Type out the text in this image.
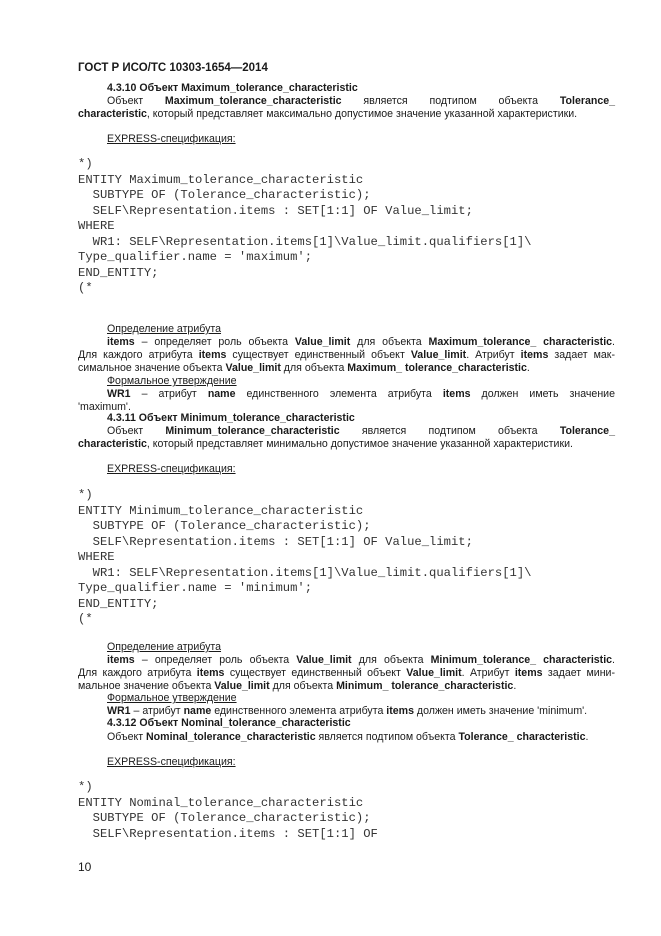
ГОСТ Р ИСО/ТС 10303-1654—2014
4.3.10 Объект Maximum_tolerance_characteristic
Объект Maximum_tolerance_characteristic является подтипом объекта Tolerance_
characteristic, который представляет максимально допустимое значение указанной характеристики.
EXPRESS-спецификация:
*)
ENTITY Maximum_tolerance_characteristic
SUBTYPE OF (Tolerance_characteristic);
SELF\Representation.items : SET[1:1] OF Value_limit;
WHERE
WR1: SELF\Representation.items[1]\Value_limit.qualifiers[1]\
Type_qualifier.name = 'maximum';
END_ENTITY;
(*
Определение атрибута
items – определяет роль объекта Value_limit для объекта Maximum_tolerance_ characteristic.
Для каждого атрибута items существует единственный объект Value_limit. Атрибут items задает мак-
симальное значение объекта Value_limit для объекта Maximum_ tolerance_characteristic.
Формальное утверждение
WR1 – атрибут name единственного элемента атрибута items должен иметь значение
'maximum'.
4.3.11 Объект Minimum_tolerance_characteristic
Объект Minimum_tolerance_characteristic является подтипом объекта Tolerance_
characteristic, который представляет минимально допустимое значение указанной характеристики.
EXPRESS-спецификация:
*)
ENTITY Minimum_tolerance_characteristic
SUBTYPE OF (Tolerance_characteristic);
SELF\Representation.items : SET[1:1] OF Value_limit;
WHERE
WR1: SELF\Representation.items[1]\Value_limit.qualifiers[1]\
Type_qualifier.name = 'minimum';
END_ENTITY;
(*
Определение атрибута
items – определяет роль объекта Value_limit для объекта Minimum_tolerance_ characteristic.
Для каждого атрибута items существует единственный объект Value_limit. Атрибут items задает мини-
мальное значение объекта Value_limit для объекта Minimum_ tolerance_characteristic.
Формальное утверждение
WR1 – атрибут name единственного элемента атрибута items должен иметь значение 'minimum'.
4.3.12 Объект Nominal_tolerance_characteristic
Объект Nominal_tolerance_characteristic является подтипом объекта Tolerance_ characteristic.
EXPRESS-спецификация:
*)
ENTITY Nominal_tolerance_characteristic
SUBTYPE OF (Tolerance_characteristic);
SELF\Representation.items : SET[1:1] OF
10
